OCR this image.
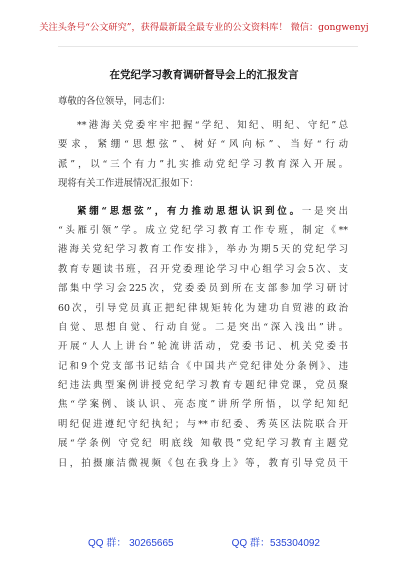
关注头条号“公文研究”，获得最新最全最专业的公文资料库！ 微信：gongwenyj
在党纪学习教育调研督导会上的汇报发言
尊敬的各位领导，同志们：
**港海关党委牢牢把握“学纪、知纪、明纪、守纪”总
要求，紧绷“思想弦”、树好“风向标”、当好“行动
派”，以“三个有力”扎实推动党纪学习教育深入开展。
现将有关工作进展情况汇报如下：
紧绷“思想弦”，有力推动思想认识到位。一是突出
“头雁引领”学。成立党纪学习教育工作专班，制定《**
港海关党纪学习教育工作安排》，举办为期5天的党纪学习
教育专题读书班，召开党委理论学习中心组学习会5次、支
部集中学习会225次，党委委员到所在支部参加学习研讨
60次，引导党员真正把纪律规矩转化为建功自贸港的政治
自觉、思想自觉、行动自觉。二是突出“深入浅出”讲。
开展“人人上讲台”轮流讲活动，党委书记、机关党委书
记和9个党支部书记结合《中国共产党纪律处分条例》、违
纪违法典型案例讲授党纪学习教育专题纪律党课，党员聚
焦“学案例、谈认识、亮态度”讲所学所悟，以学纪知纪
明纪促进遵纪守纪执纪；与**市纪委、秀英区法院联合开
展“学条例 守党纪 明底线 知敬畏”党纪学习教育主题党
日，拍摄廉洁微视频《包在我身上》等，教育引导党员干
QQ 群： 30265665	QQ 群：535304092
